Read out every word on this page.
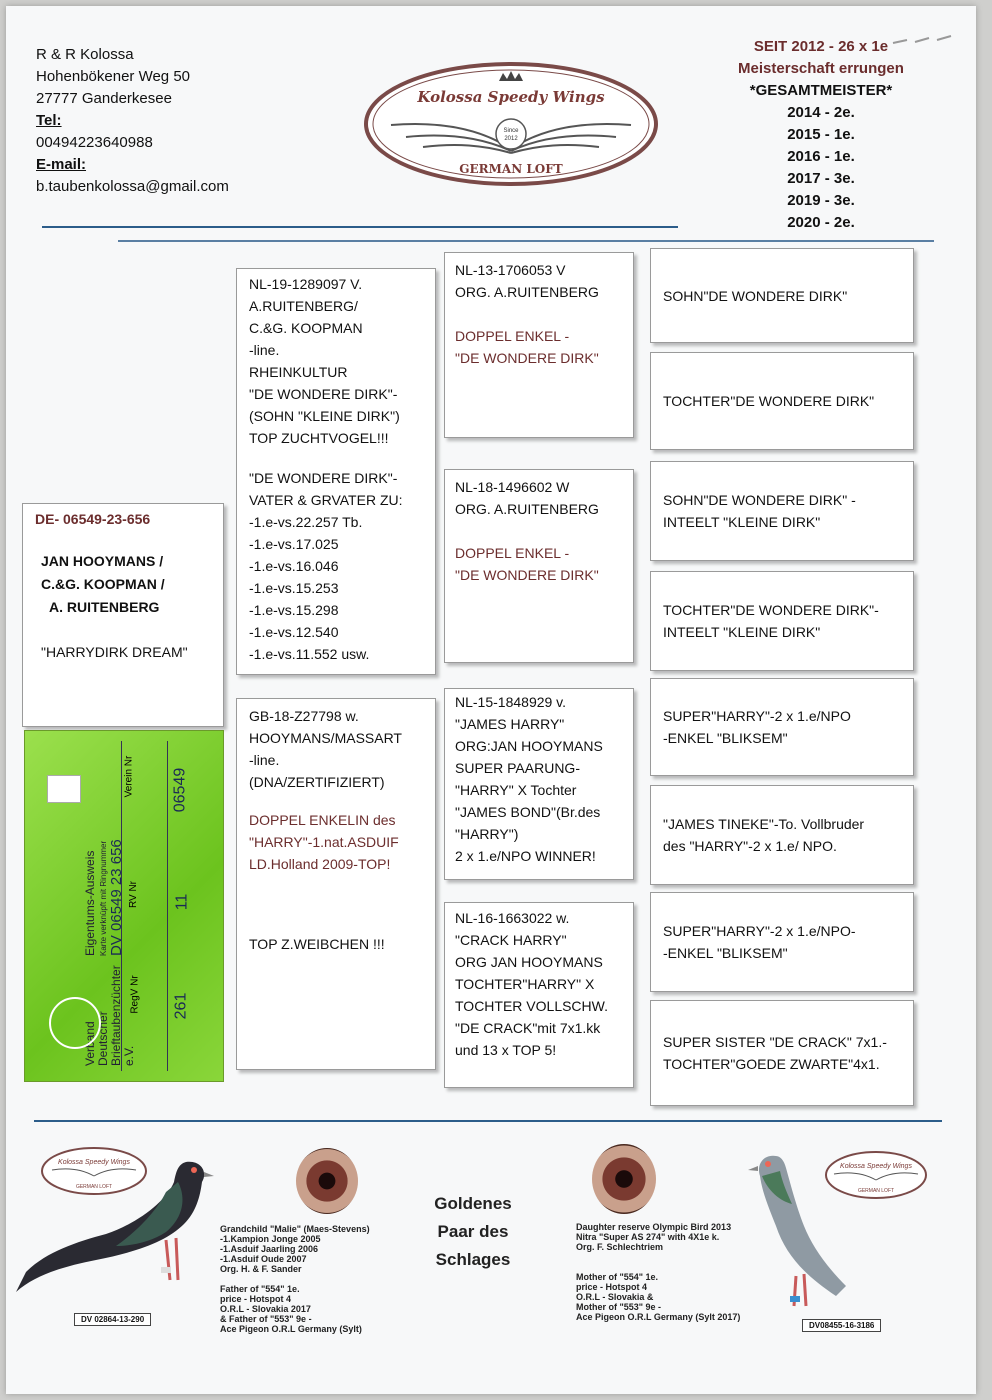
R & R Kolossa
Hohenbökener Weg 50
27777 Ganderkesee
Tel:
00494223640988
E-mail:
b.taubenkolossa@gmail.com
Kolossa Speedy Wings
Since
2012
GERMAN LOFT
SEIT 2012 - 26 x 1e
Meisterschaft errungen
*GESAMTMEISTER*
2014 - 2e.
2015 - 1e.
2016 - 1e.
2017 - 3e.
2019 - 3e.
2020 - 2e.
DE- 06549-23-656
JAN HOOYMANS /
C.&G. KOOPMAN /
A. RUITENBERG
"HARRYDIRK DREAM"
Verband Deutscher Brieftaubenzüchter e.V.
Eigentums-Ausweis Karte verknüpft mit Ringnummer DV 06549 23 656
RegV Nr
RV Nr
Verein Nr
261
11
06549
NL-19-1289097 V.
A.RUITENBERG/
C.&G. KOOPMAN
-line.
RHEINKULTUR
"DE WONDERE DIRK"-
(SOHN "KLEINE DIRK")
TOP ZUCHTVOGEL!!!
"DE WONDERE DIRK"-
VATER & GRVATER ZU:
-1.e-vs.22.257 Tb.
-1.e-vs.17.025
-1.e-vs.16.046
-1.e-vs.15.253
-1.e-vs.15.298
-1.e-vs.12.540
-1.e-vs.11.552 usw.
GB-18-Z27798 w.
HOOYMANS/MASSART
-line.
(DNA/ZERTIFIZIERT)
DOPPEL ENKELIN des
"HARRY"-1.nat.ASDUIF
LD.Holland 2009-TOP!
TOP Z.WEIBCHEN !!!
NL-13-1706053 V
ORG. A.RUITENBERG
DOPPEL ENKEL -
"DE WONDERE DIRK"
NL-18-1496602 W
ORG. A.RUITENBERG
DOPPEL ENKEL -
"DE WONDERE DIRK"
NL-15-1848929 v.
"JAMES HARRY"
ORG:JAN HOOYMANS
SUPER PAARUNG-
"HARRY" X Tochter
"JAMES BOND"(Br.des
"HARRY")
2 x 1.e/NPO WINNER!
NL-16-1663022 w.
"CRACK HARRY"
ORG JAN HOOYMANS
TOCHTER"HARRY" X
TOCHTER VOLLSCHW.
"DE CRACK"mit 7x1.kk
und 13 x TOP 5!
SOHN"DE WONDERE DIRK"
TOCHTER"DE WONDERE DIRK"
SOHN"DE WONDERE DIRK" -
INTEELT "KLEINE DIRK"
TOCHTER"DE WONDERE DIRK"-
INTEELT "KLEINE DIRK"
SUPER"HARRY"-2 x 1.e/NPO
-ENKEL "BLIKSEM"
"JAMES TINEKE"-To. Vollbruder
des "HARRY"-2 x 1.e/ NPO.
SUPER"HARRY"-2 x 1.e/NPO-
-ENKEL "BLIKSEM"
SUPER SISTER "DE CRACK" 7x1.-
TOCHTER"GOEDE ZWARTE"4x1.
Kolossa Speedy Wings
GERMAN LOFT
Grandchild "Malie" (Maes-Stevens)
-1.Kampion Jonge 2005
-1.Asduif Jaarling 2006
-1.Asduif Oude 2007
Org. H. & F. Sander
Father of "554" 1e.
price - Hotspot 4
O.R.L - Slovakia 2017
& Father of "553" 9e -
Ace Pigeon O.R.L Germany (Sylt)
DV 02864-13-290
Goldenes
Paar des
Schlages
Daughter reserve Olympic Bird 2013
Nitra "Super AS 274" with 4X1e k.
Org. F. Schlechtriem
Mother of "554" 1e.
price - Hotspot 4
O.R.L - Slovakia &
Mother of "553" 9e -
Ace Pigeon O.R.L Germany (Sylt 2017)
Kolossa Speedy Wings
GERMAN LOFT
DV08455-16-3186
